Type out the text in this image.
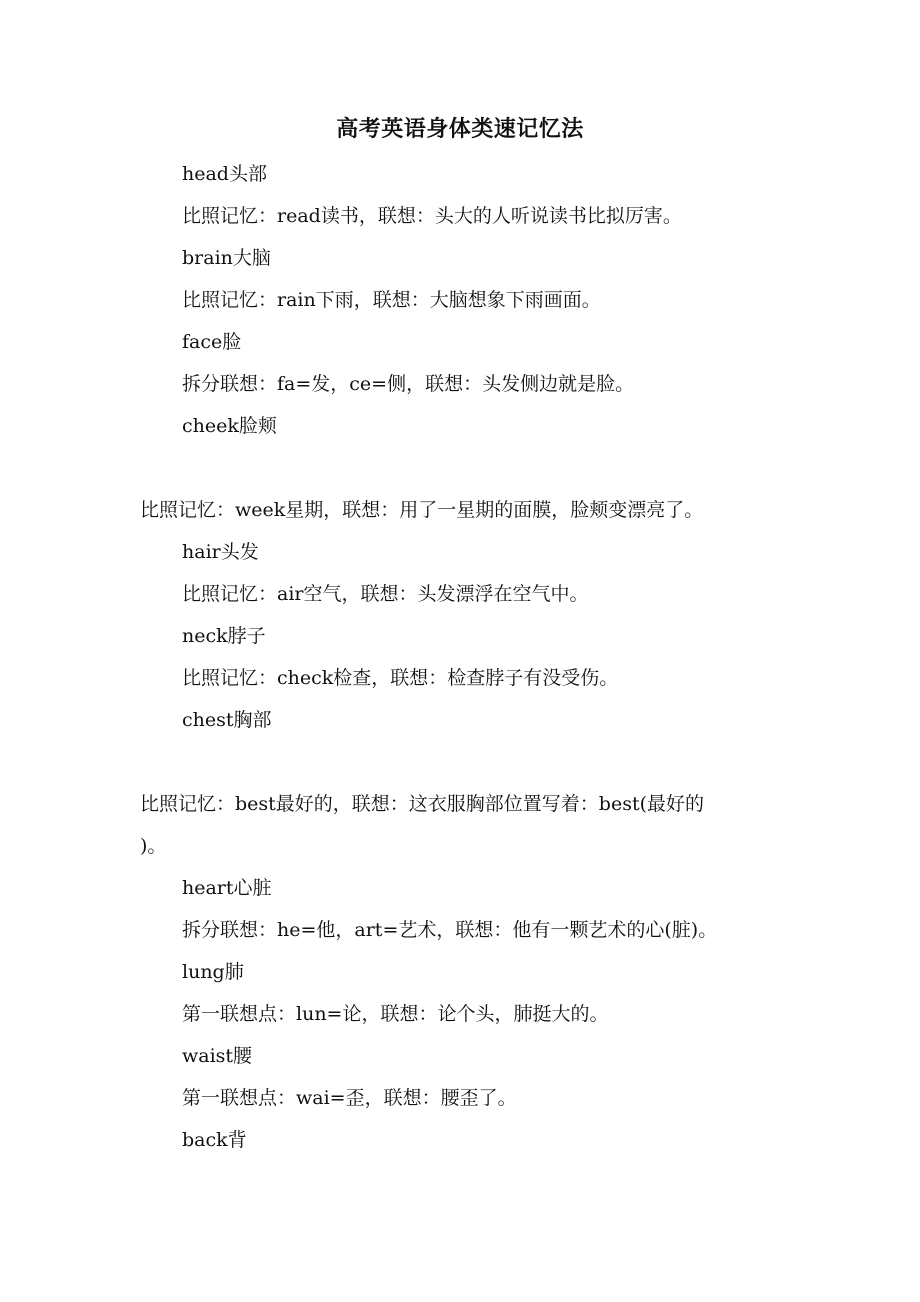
高考英语身体类速记忆法
head头部
比照记忆：read读书，联想：头大的人听说读书比拟厉害。
brain大脑
比照记忆：rain下雨，联想：大脑想象下雨画面。
face脸
拆分联想：fa=发，ce=侧，联想：头发侧边就是脸。
cheek脸颊
比照记忆：week星期，联想：用了一星期的面膜，脸颊变漂亮了。
hair头发
比照记忆：air空气，联想：头发漂浮在空气中。
neck脖子
比照记忆：check检查，联想：检查脖子有没受伤。
chest胸部
比照记忆：best最好的，联想：这衣服胸部位置写着：best(最好的
)。
heart心脏
拆分联想：he=他，art=艺术，联想：他有一颗艺术的心(脏)。
lung肺
第一联想点：lun=论，联想：论个头，肺挺大的。
waist腰
第一联想点：wai=歪，联想：腰歪了。
back背
